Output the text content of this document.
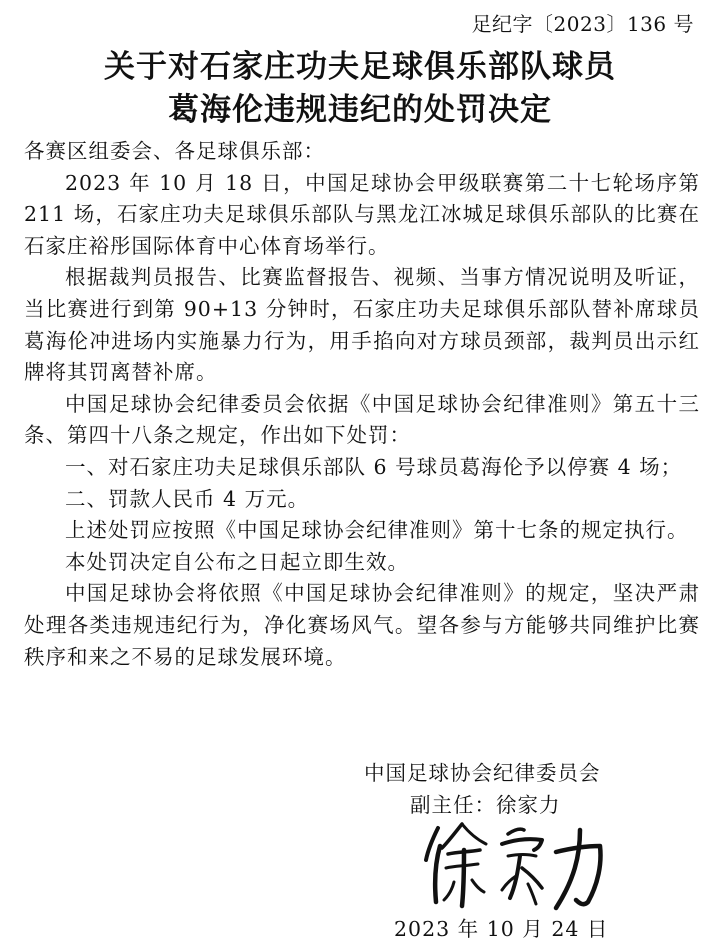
足纪字〔2023〕136 号
关于对石家庄功夫足球俱乐部队球员
葛海伦违规违纪的处罚决定

各赛区组委会、各足球俱乐部：

2023 年 10 月 18 日，中国足球协会甲级联赛第二十七轮场序第 211 场，石家庄功夫足球俱乐部队与黑龙江冰城足球俱乐部队的比赛在石家庄裕彤国际体育中心体育场举行。

根据裁判员报告、比赛监督报告、视频、当事方情况说明及听证，当比赛进行到第 90+13 分钟时，石家庄功夫足球俱乐部队替补席球员葛海伦冲进场内实施暴力行为，用手掐向对方球员颈部，裁判员出示红牌将其罚离替补席。

中国足球协会纪律委员会依据《中国足球协会纪律准则》第五十三条、第四十八条之规定，作出如下处罚：

一、对石家庄功夫足球俱乐部队 6 号球员葛海伦予以停赛 4 场；

二、罚款人民币 4 万元。

上述处罚应按照《中国足球协会纪律准则》第十七条的规定执行。

本处罚决定自公布之日起立即生效。

中国足球协会将依照《中国足球协会纪律准则》的规定，坚决严肃处理各类违规违纪行为，净化赛场风气。望各参与方能够共同维护比赛秩序和来之不易的足球发展环境。

中国足球协会纪律委员会
副主任：徐家力
2023 年 10 月 24 日
